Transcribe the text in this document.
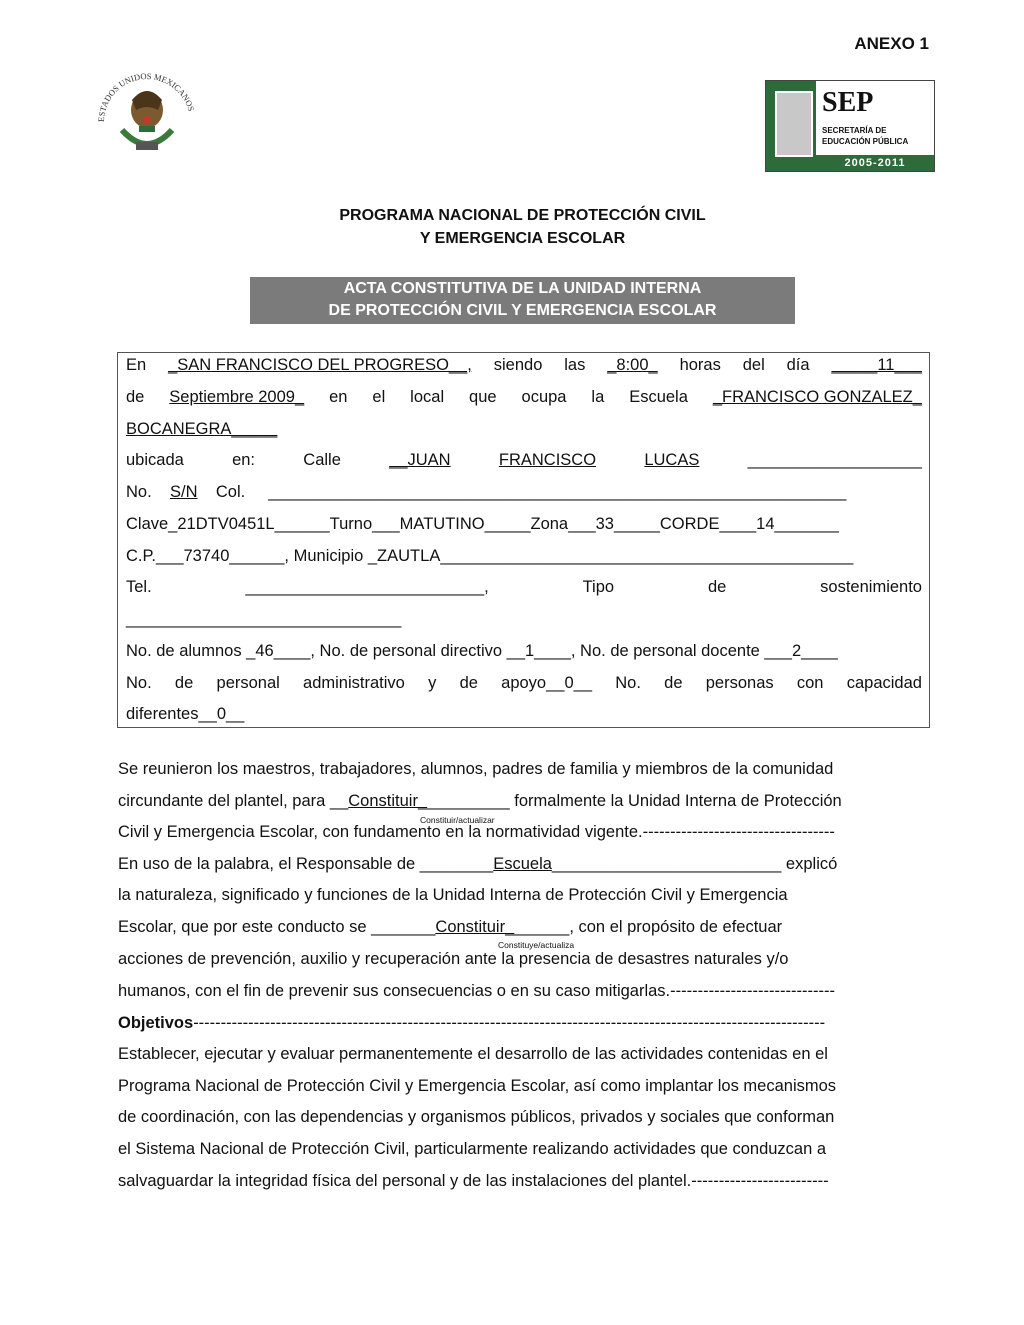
ANEXO 1
ESTADOS UNIDOS MEXICANOS	SEP
SECRETARÍA DE
EDUCACIÓN PÚBLICA
2005-2011
PROGRAMA NACIONAL DE PROTECCIÓN CIVIL
Y EMERGENCIA ESCOLAR
ACTA CONSTITUTIVA DE LA UNIDAD INTERNA
DE PROTECCIÓN CIVIL Y EMERGENCIA ESCOLAR
En _SAN FRANCISCO DEL PROGRESO__, siendo las _8:00_ horas del día _____11___
de Septiembre 2009_ en el local que ocupa la Escuela _FRANCISCO GONZALEZ_
BOCANEGRA_____
ubicada	en:	Calle	__JUAN	FRANCISCO	LUCAS	___________________
No. S/N Col. _______________________________________________________________
Clave_21DTV0451L______Turno___MATUTINO_____Zona___33_____CORDE____14_______
C.P.___73740______, Municipio _ZAUTLA_____________________________________________
Tel.	__________________________,	Tipo	de	sostenimiento
______________________________
No. de alumnos _46____, No. de personal directivo __1____, No. de personal docente ___2____
No. de personal administrativo y de apoyo__0__ No. de personas con capacidad
diferentes__0__
Se reunieron los maestros, trabajadores, alumnos, padres de familia y miembros de la comunidad
circundante del plantel, para __Constituir__________ formalmente la Unidad Interna de Protección
Constituir/actualizar
Civil y Emergencia Escolar, con fundamento en la normatividad vigente.-----------------------------------
En uso de la palabra, el Responsable de ________Escuela_________________________ explicó
la naturaleza, significado y funciones de la Unidad Interna de Protección Civil y Emergencia
Escolar, que por este conducto se _______Constituir_______, con el propósito de efectuar
Constituye/actualiza
acciones de prevención, auxilio y recuperación ante la presencia de desastres naturales y/o
humanos, con el fin de prevenir sus consecuencias o en su caso mitigarlas.------------------------------
Objetivos-------------------------------------------------------------------------------------------------------------------
Establecer, ejecutar y evaluar permanentemente el desarrollo de las actividades contenidas en el
Programa Nacional de Protección Civil y Emergencia Escolar, así como implantar los mecanismos
de coordinación, con las dependencias y organismos públicos, privados y sociales que conforman
el Sistema Nacional de Protección Civil, particularmente realizando actividades que conduzcan a
salvaguardar la integridad física del personal y de las instalaciones del plantel.-------------------------
